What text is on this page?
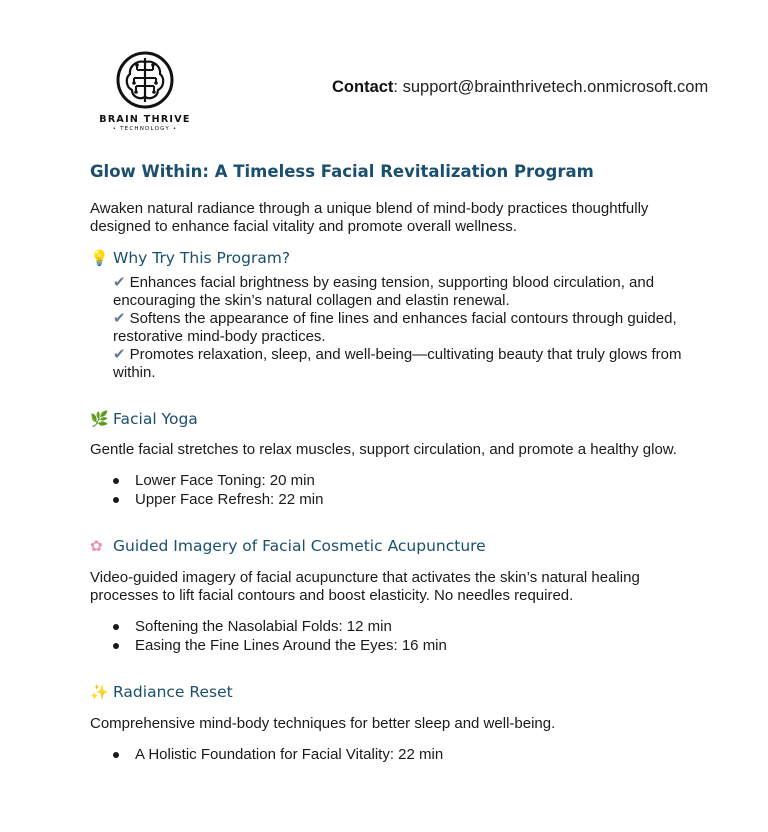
BRAIN THRIVE
• TECHNOLOGY •
Contact: support@brainthrivetech.onmicrosoft.com
Glow Within: A Timeless Facial Revitalization Program
Awaken natural radiance through a unique blend of mind-body practices thoughtfully designed to enhance facial vitality and promote overall wellness.
💡 Why Try This Program?
✔ Enhances facial brightness by easing tension, supporting blood circulation, and encouraging the skin’s natural collagen and elastin renewal.
✔ Softens the appearance of fine lines and enhances facial contours through guided, restorative mind-body practices.
✔ Promotes relaxation, sleep, and well-being—cultivating beauty that truly glows from within.
🌿 Facial Yoga
Gentle facial stretches to relax muscles, support circulation, and promote a healthy glow.
Lower Face Toning: 20 min
Upper Face Refresh: 22 min
✿ Guided Imagery of Facial Cosmetic Acupuncture
Video-guided imagery of facial acupuncture that activates the skin’s natural healing processes to lift facial contours and boost elasticity. No needles required.
Softening the Nasolabial Folds: 12 min
Easing the Fine Lines Around the Eyes: 16 min
✨ Radiance Reset
Comprehensive mind-body techniques for better sleep and well-being.
A Holistic Foundation for Facial Vitality: 22 min
